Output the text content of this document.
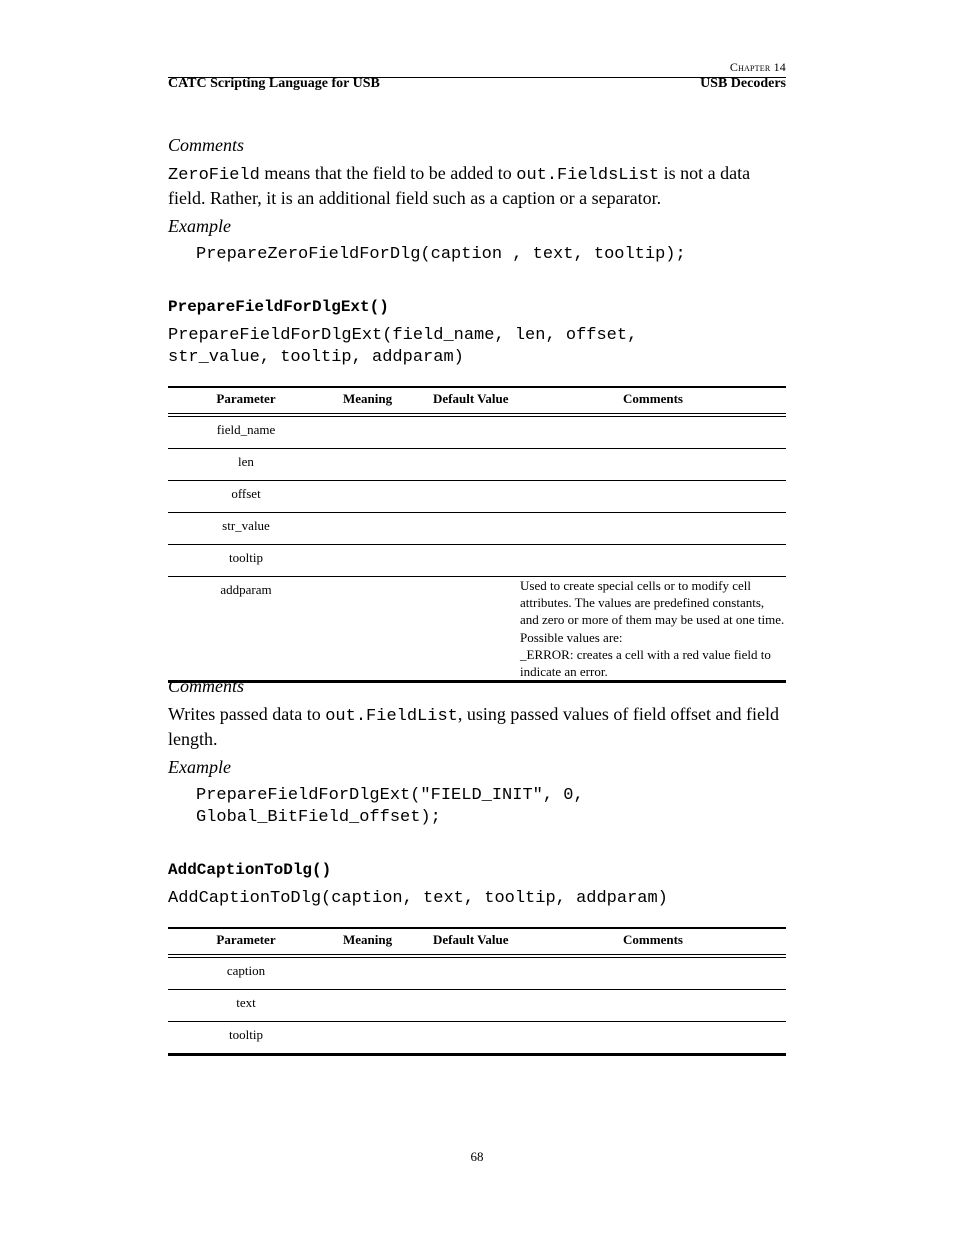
Chapter 14
CATC Scripting Language for USB	USB Decoders
Comments
ZeroField means that the field to be added to out.FieldsList is not a data field. Rather, it is an additional field such as a caption or a separator.
Example
PrepareZeroFieldForDlg(caption , text, tooltip);
PrepareFieldForDlgExt()
PrepareFieldForDlgExt(field_name, len, offset,
str_value, tooltip, addparam)
Parameter	Meaning	Default Value	Comments
field_name			
len			
offset			
str_value			
tooltip			
addparam			Used to create special cells or to modify cell attributes. The values are predefined constants, and zero or more of them may be used at one time. Possible values are:
_ERROR: creates a cell with a red value field to indicate an error.
Comments
Writes passed data to out.FieldList, using passed values of field offset and field length.
Example
PrepareFieldForDlgExt("FIELD_INIT", 0,
Global_BitField_offset);
AddCaptionToDlg()
AddCaptionToDlg(caption, text, tooltip, addparam)
Parameter	Meaning	Default Value	Comments
caption			
text			
tooltip			
68
